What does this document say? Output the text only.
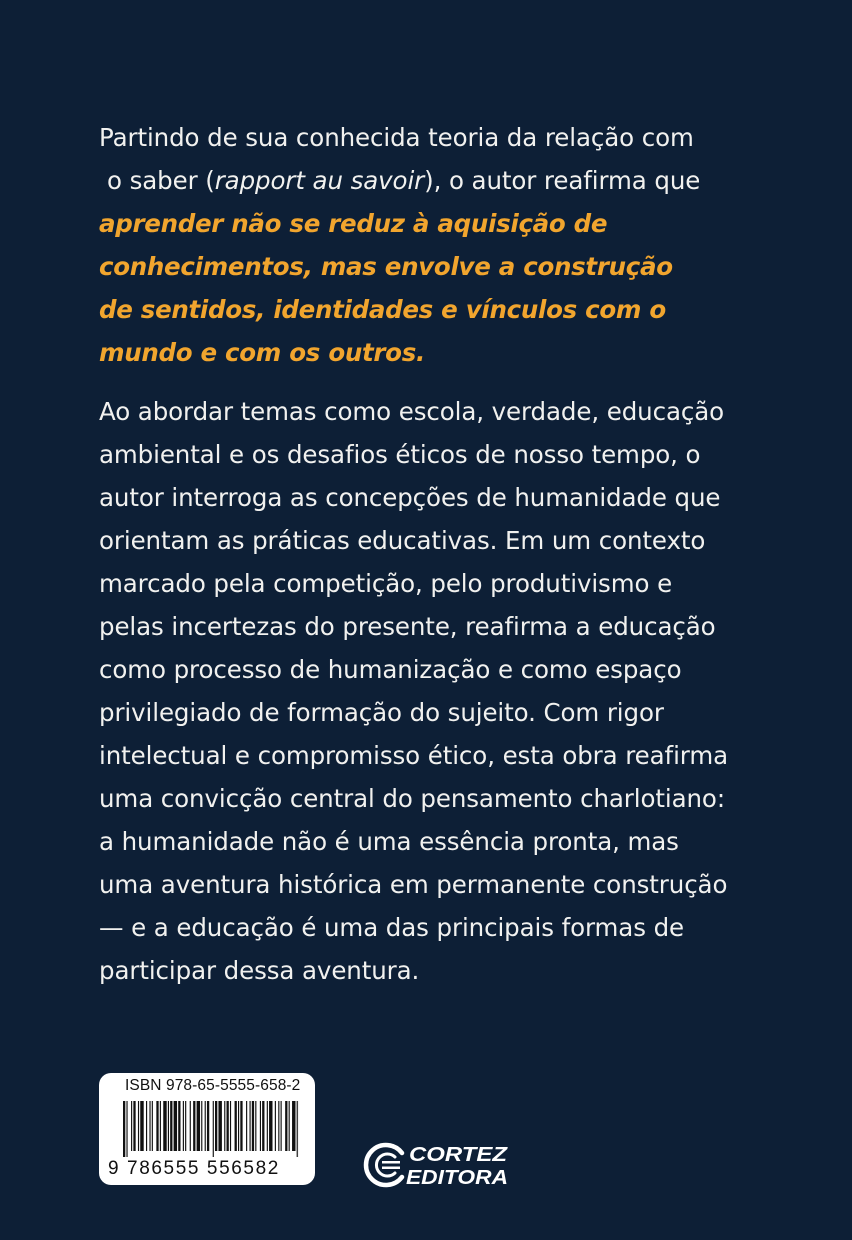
Partindo de sua conhecida teoria da relação com
o saber (rapport au savoir), o autor reafirma que
aprender não se reduz à aquisição de
conhecimentos, mas envolve a construção
de sentidos, identidades e vínculos com o
mundo e com os outros.

Ao abordar temas como escola, verdade, educação
ambiental e os desafios éticos de nosso tempo, o
autor interroga as concepções de humanidade que
orientam as práticas educativas. Em um contexto
marcado pela competição, pelo produtivismo e
pelas incertezas do presente, reafirma a educação
como processo de humanização e como espaço
privilegiado de formação do sujeito. Com rigor
intelectual e compromisso ético, esta obra reafirma
uma convicção central do pensamento charlotiano:
a humanidade não é uma essência pronta, mas
uma aventura histórica em permanente construção
— e a educação é uma das principais formas de
participar dessa aventura.

ISBN 978-65-5555-658-2
9 786555 556582
CORTEZ
EDITORA
